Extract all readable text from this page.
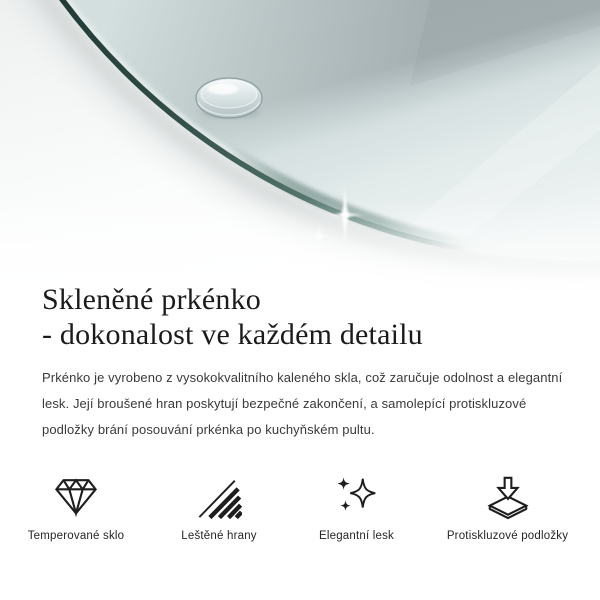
Skleněné prkénko
- dokonalost ve každém detailu

Prkénko je vyrobeno z vysokokvalitního kaleného skla, což zaručuje odolnost a elegantní lesk. Její broušené hran poskytují bezpečné zakončení, a samolepící protiskluzové podložky brání posouvání prkénka po kuchyňském pultu.

Temperované sklo	Leštěné hrany	Elegantní lesk	Protiskluzové podložky
